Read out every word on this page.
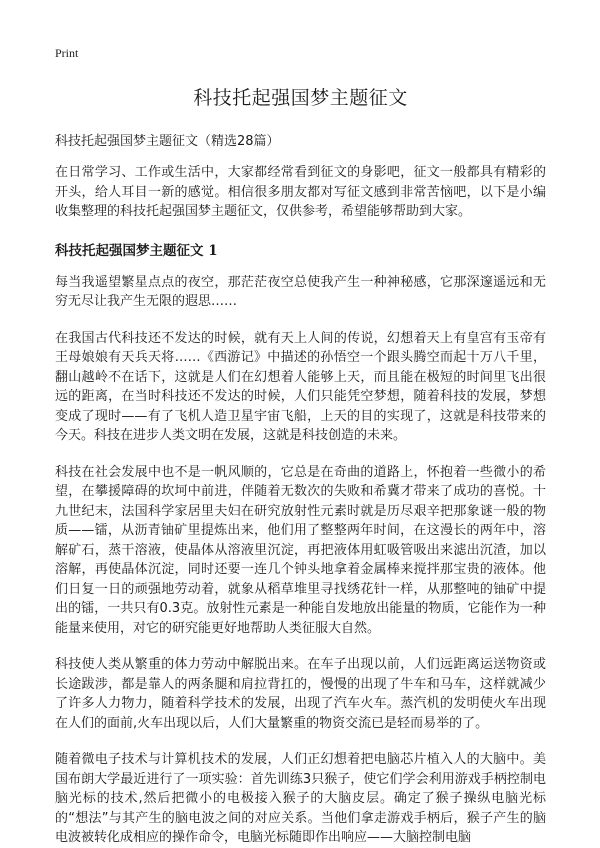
Print
科技托起强国梦主题征文
科技托起强国梦主题征文（精选28篇）

在日常学习、工作或生活中，大家都经常看到征文的身影吧，征文一般都具有精彩的开头，给人耳目一新的感觉。相信很多朋友都对写征文感到非常苦恼吧，以下是小编收集整理的科技托起强国梦主题征文，仅供参考，希望能够帮助到大家。

科技托起强国梦主题征文 1

每当我遥望繁星点点的夜空，那茫茫夜空总使我产生一种神秘感，它那深邃遥远和无穷无尽让我产生无限的遐思……

在我国古代科技还不发达的时候，就有天上人间的传说，幻想着天上有皇宫有玉帝有王母娘娘有天兵天将……《西游记》中描述的孙悟空一个跟头腾空而起十万八千里，翻山越岭不在话下，这就是人们在幻想着人能够上天，而且能在极短的时间里飞出很远的距离，在当时科技还不发达的时候，人们只能凭空梦想，随着科技的发展，梦想变成了现时——有了飞机人造卫星宇宙飞船，上天的目的实现了，这就是科技带来的今天。科技在进步人类文明在发展，这就是科技创造的未来。

科技在社会发展中也不是一帆风顺的，它总是在奇曲的道路上，怀抱着一些微小的希望，在攀援障碍的坎坷中前进，伴随着无数次的失败和希冀才带来了成功的喜悦。十九世纪末，法国科学家居里夫妇在研究放射性元素时就是历尽艰辛把那象谜一般的物质——镭，从沥青铀矿里提炼出来，他们用了整整两年时间，在这漫长的两年中，溶解矿石，蒸干溶液，使晶体从溶液里沉淀，再把液体用虹吸管吸出来滤出沉渣，加以溶解，再使晶体沉淀，同时还要一连几个钟头地拿着金属棒来搅拌那宝贵的液体。他们日复一日的顽强地劳动着，就象从稻草堆里寻找绣花针一样，从那整吨的铀矿中提出的镭，一共只有0.3克。放射性元素是一种能自发地放出能量的物质，它能作为一种能量来使用，对它的研究能更好地帮助人类征服大自然。

科技使人类从繁重的体力劳动中解脱出来。在车子出现以前，人们远距离运送物资或长途跋涉，都是靠人的两条腿和肩拉背扛的，慢慢的出现了牛车和马车，这样就减少了许多人力物力，随着科学技术的发展，出现了汽车火车。蒸汽机的发明使火车出现在人们的面前,火车出现以后，人们大量繁重的物资交流已是轻而易举的了。

随着微电子技术与计算机技术的发展，人们正幻想着把电脑芯片植入人的大脑中。美国布朗大学最近进行了一项实验：首先训练3只猴子，使它们学会利用游戏手柄控制电脑光标的技术,然后把微小的电极接入猴子的大脑皮层。确定了猴子操纵电脑光标的“想法”与其产生的脑电波之间的对应关系。当他们拿走游戏手柄后，猴子产生的脑电波被转化成相应的操作命令，电脑光标随即作出响应——大脑控制电脑
